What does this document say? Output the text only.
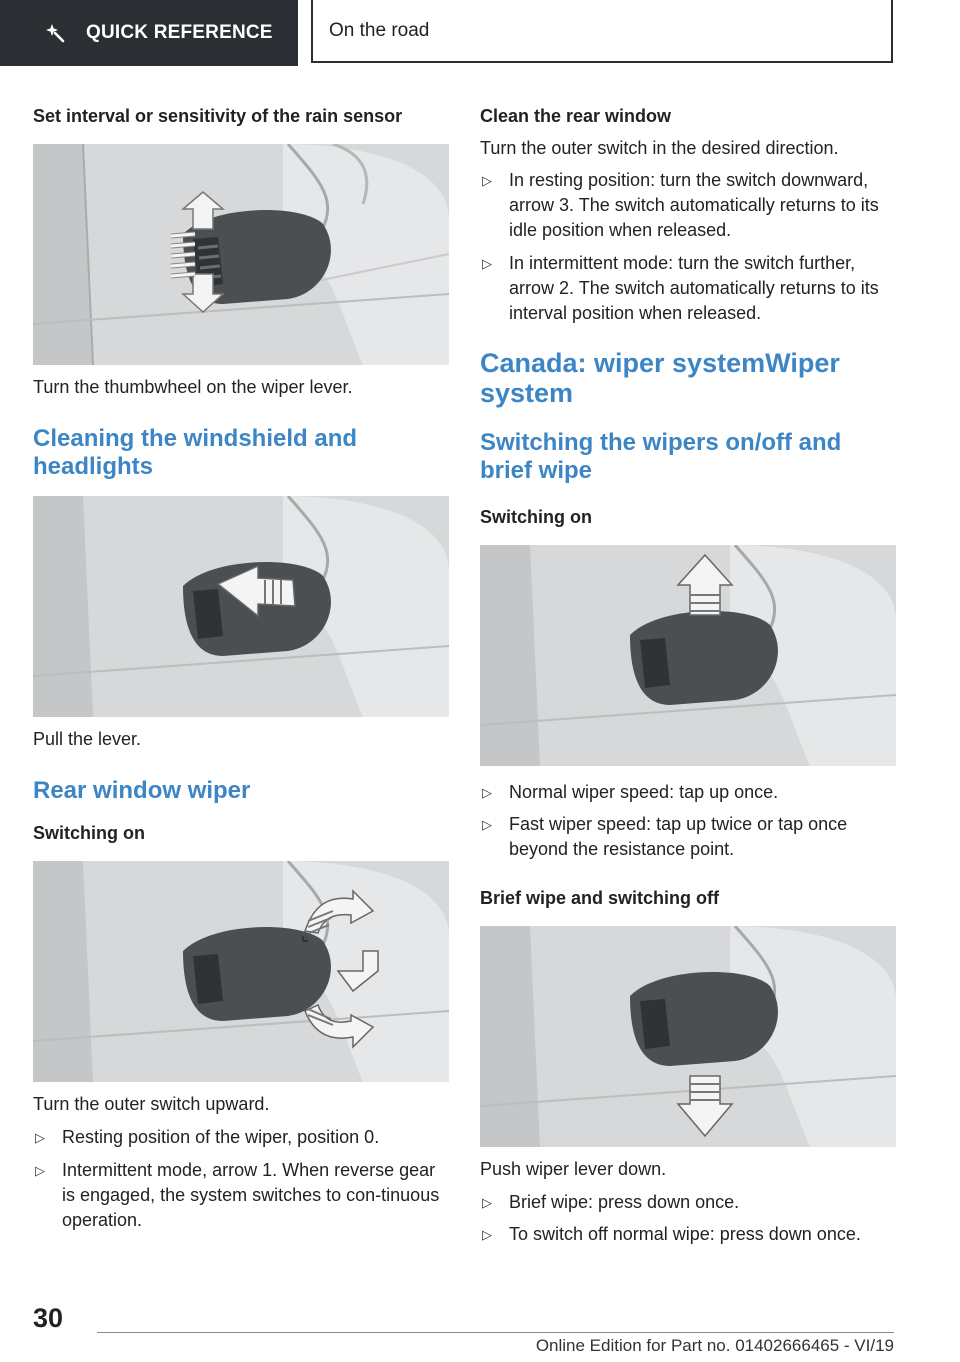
QUICK REFERENCE	On the road

Set interval or sensitivity of the rain sensor

Turn the thumbwheel on the wiper lever.

Cleaning the windshield and headlights

Pull the lever.

Rear window wiper

Switching on

Turn the outer switch upward.

▷ Resting position of the wiper, position 0.
▷ Intermittent mode, arrow 1. When reverse gear is engaged, the system switches to con‐tinuous operation.

Clean the rear window

Turn the outer switch in the desired direction.

▷ In resting position: turn the switch downward, arrow 3. The switch automatically returns to its idle position when released.
▷ In intermittent mode: turn the switch further, arrow 2. The switch automatically returns to its interval position when released.
Canada: wiper systemWiper system
Switching the wipers on/off and brief wipe

Switching on

▷ Normal wiper speed: tap up once.
▷ Fast wiper speed: tap up twice or tap once beyond the resistance point.

Brief wipe and switching off

Push wiper lever down.

▷ Brief wipe: press down once.
▷ To switch off normal wipe: press down once.
30
Online Edition for Part no. 01402666465 - VI/19
